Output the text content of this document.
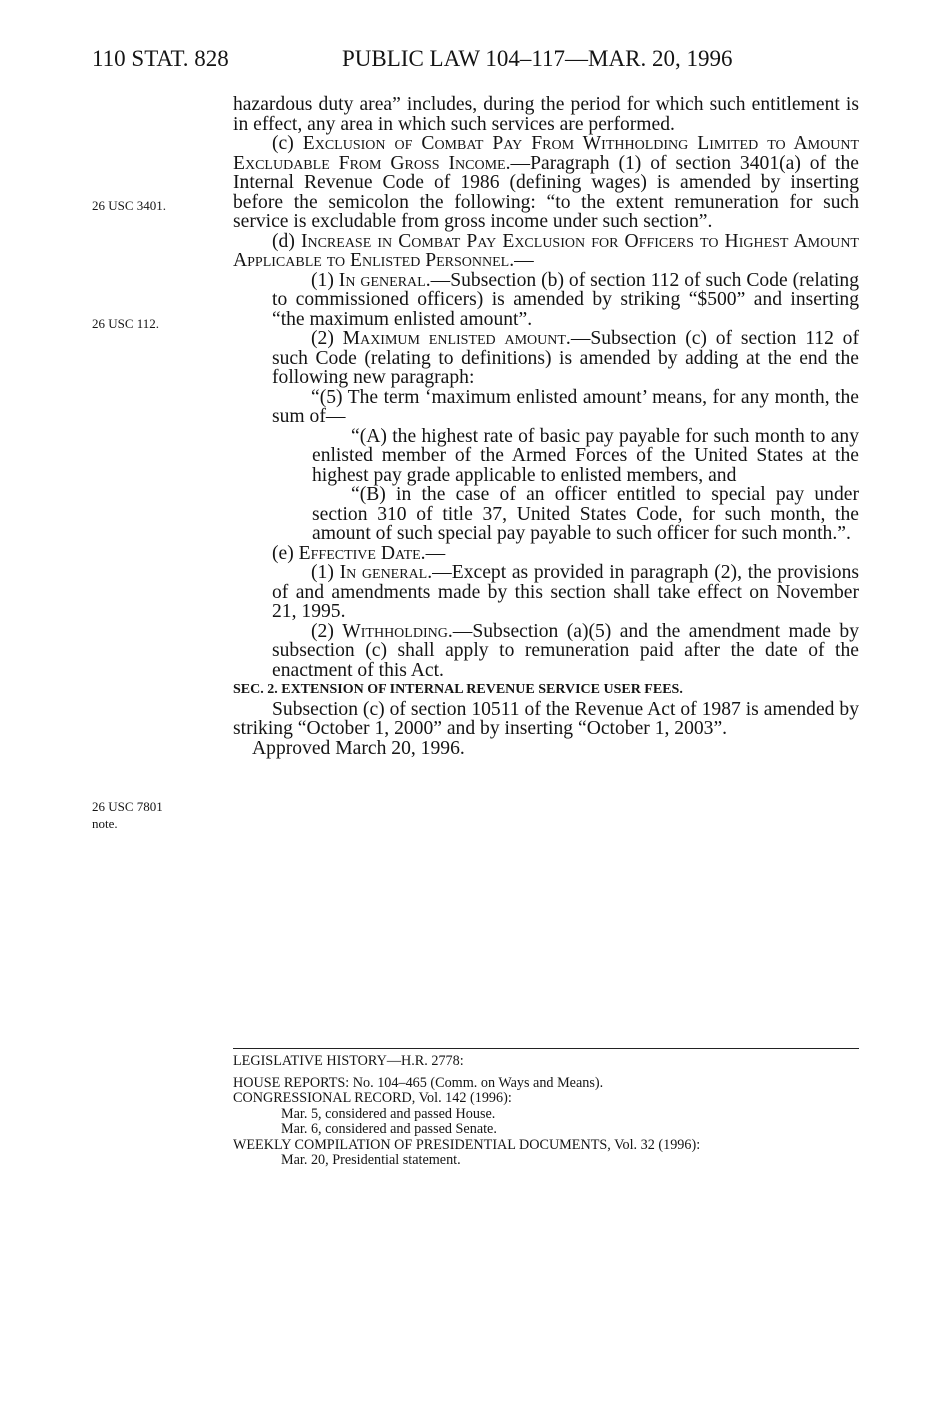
110 STAT. 828	PUBLIC LAW 104–117—MAR. 20, 1996
26 USC 3401.
26 USC 112.
26 USC 7801
note.

hazardous duty area” includes, during the period for which such entitlement is in effect, any area in which such services are performed.

(c) Exclusion of Combat Pay From Withholding Limited to Amount Excludable From Gross Income.—Paragraph (1) of section 3401(a) of the Internal Revenue Code of 1986 (defining wages) is amended by inserting before the semicolon the following: “to the extent remuneration for such service is excludable from gross income under such section”.

(d) Increase in Combat Pay Exclusion for Officers to Highest Amount Applicable to Enlisted Personnel.—

(1) In general.—Subsection (b) of section 112 of such Code (relating to commissioned officers) is amended by striking “$500” and inserting “the maximum enlisted amount”.

(2) Maximum enlisted amount.—Subsection (c) of section 112 of such Code (relating to definitions) is amended by adding at the end the following new paragraph:

“(5) The term ‘maximum enlisted amount’ means, for any month, the sum of—

“(A) the highest rate of basic pay payable for such month to any enlisted member of the Armed Forces of the United States at the highest pay grade applicable to enlisted members, and

“(B) in the case of an officer entitled to special pay under section 310 of title 37, United States Code, for such month, the amount of such special pay payable to such officer for such month.”.

(e) Effective Date.—

(1) In general.—Except as provided in paragraph (2), the provisions of and amendments made by this section shall take effect on November 21, 1995.

(2) Withholding.—Subsection (a)(5) and the amendment made by subsection (c) shall apply to remuneration paid after the date of the enactment of this Act.

SEC. 2. EXTENSION OF INTERNAL REVENUE SERVICE USER FEES.

Subsection (c) of section 10511 of the Revenue Act of 1987 is amended by striking “October 1, 2000” and by inserting “October 1, 2003”.

Approved March 20, 1996.

LEGISLATIVE HISTORY—H.R. 2778:

HOUSE REPORTS: No. 104–465 (Comm. on Ways and Means).

CONGRESSIONAL RECORD, Vol. 142 (1996):

Mar. 5, considered and passed House.

Mar. 6, considered and passed Senate.

WEEKLY COMPILATION OF PRESIDENTIAL DOCUMENTS, Vol. 32 (1996):

Mar. 20, Presidential statement.
